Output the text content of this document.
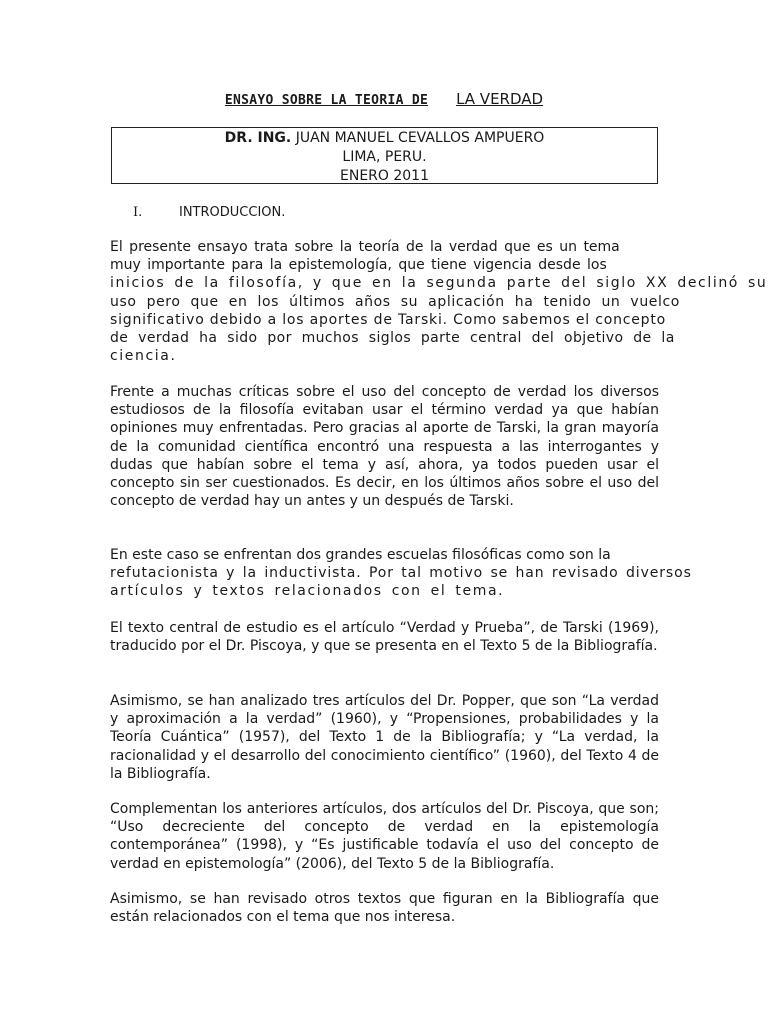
ENSAYO SOBRE LA TEORIA DE LA VERDAD
DR. ING. JUAN MANUEL CEVALLOS AMPUERO
LIMA, PERU.
ENERO 2011
I.	INTRODUCCION.
El presente ensayo trata sobre la teoría de la verdad que es un tema
muy importante para la epistemología, que tiene vigencia desde los
inicios de la filosofía, y que en la segunda parte del siglo XX declinó su
uso pero que en los últimos años su aplicación ha tenido un vuelco
significativo debido a los aportes de Tarski. Como sabemos el concepto
de verdad ha sido por muchos siglos parte central del objetivo de la
ciencia.
Frente a muchas críticas sobre el uso del concepto de verdad los diversos estudiosos de la filosofía evitaban usar el término verdad ya que habían opiniones muy enfrentadas. Pero gracias al aporte de Tarski, la gran mayoría de la comunidad científica encontró una respuesta a las interrogantes y dudas que habían sobre el tema y así, ahora, ya todos pueden usar el concepto sin ser cuestionados. Es decir, en los últimos años sobre el uso del concepto de verdad hay un antes y un después de Tarski.
En este caso se enfrentan dos grandes escuelas filosóficas como son la
refutacionista y la inductivista. Por tal motivo se han revisado diversos
artículos y textos relacionados con el tema.
El texto central de estudio es el artículo “Verdad y Prueba”, de Tarski (1969), traducido por el Dr. Piscoya, y que se presenta en el Texto 5 de la Bibliografía.
Asimismo, se han analizado tres artículos del Dr. Popper, que son “La verdad y aproximación a la verdad” (1960), y “Propensiones, probabilidades y la Teoría Cuántica” (1957), del Texto 1 de la Bibliografía; y “La verdad, la racionalidad y el desarrollo del conocimiento científico” (1960), del Texto 4 de la Bibliografía.
Complementan los anteriores artículos, dos artículos del Dr. Piscoya, que son; “Uso decreciente del concepto de verdad en la epistemología contemporánea” (1998), y “Es justificable todavía el uso del concepto de verdad en epistemología” (2006), del Texto 5 de la Bibliografía.
Asimismo, se han revisado otros textos que figuran en la Bibliografía que están relacionados con el tema que nos interesa.
